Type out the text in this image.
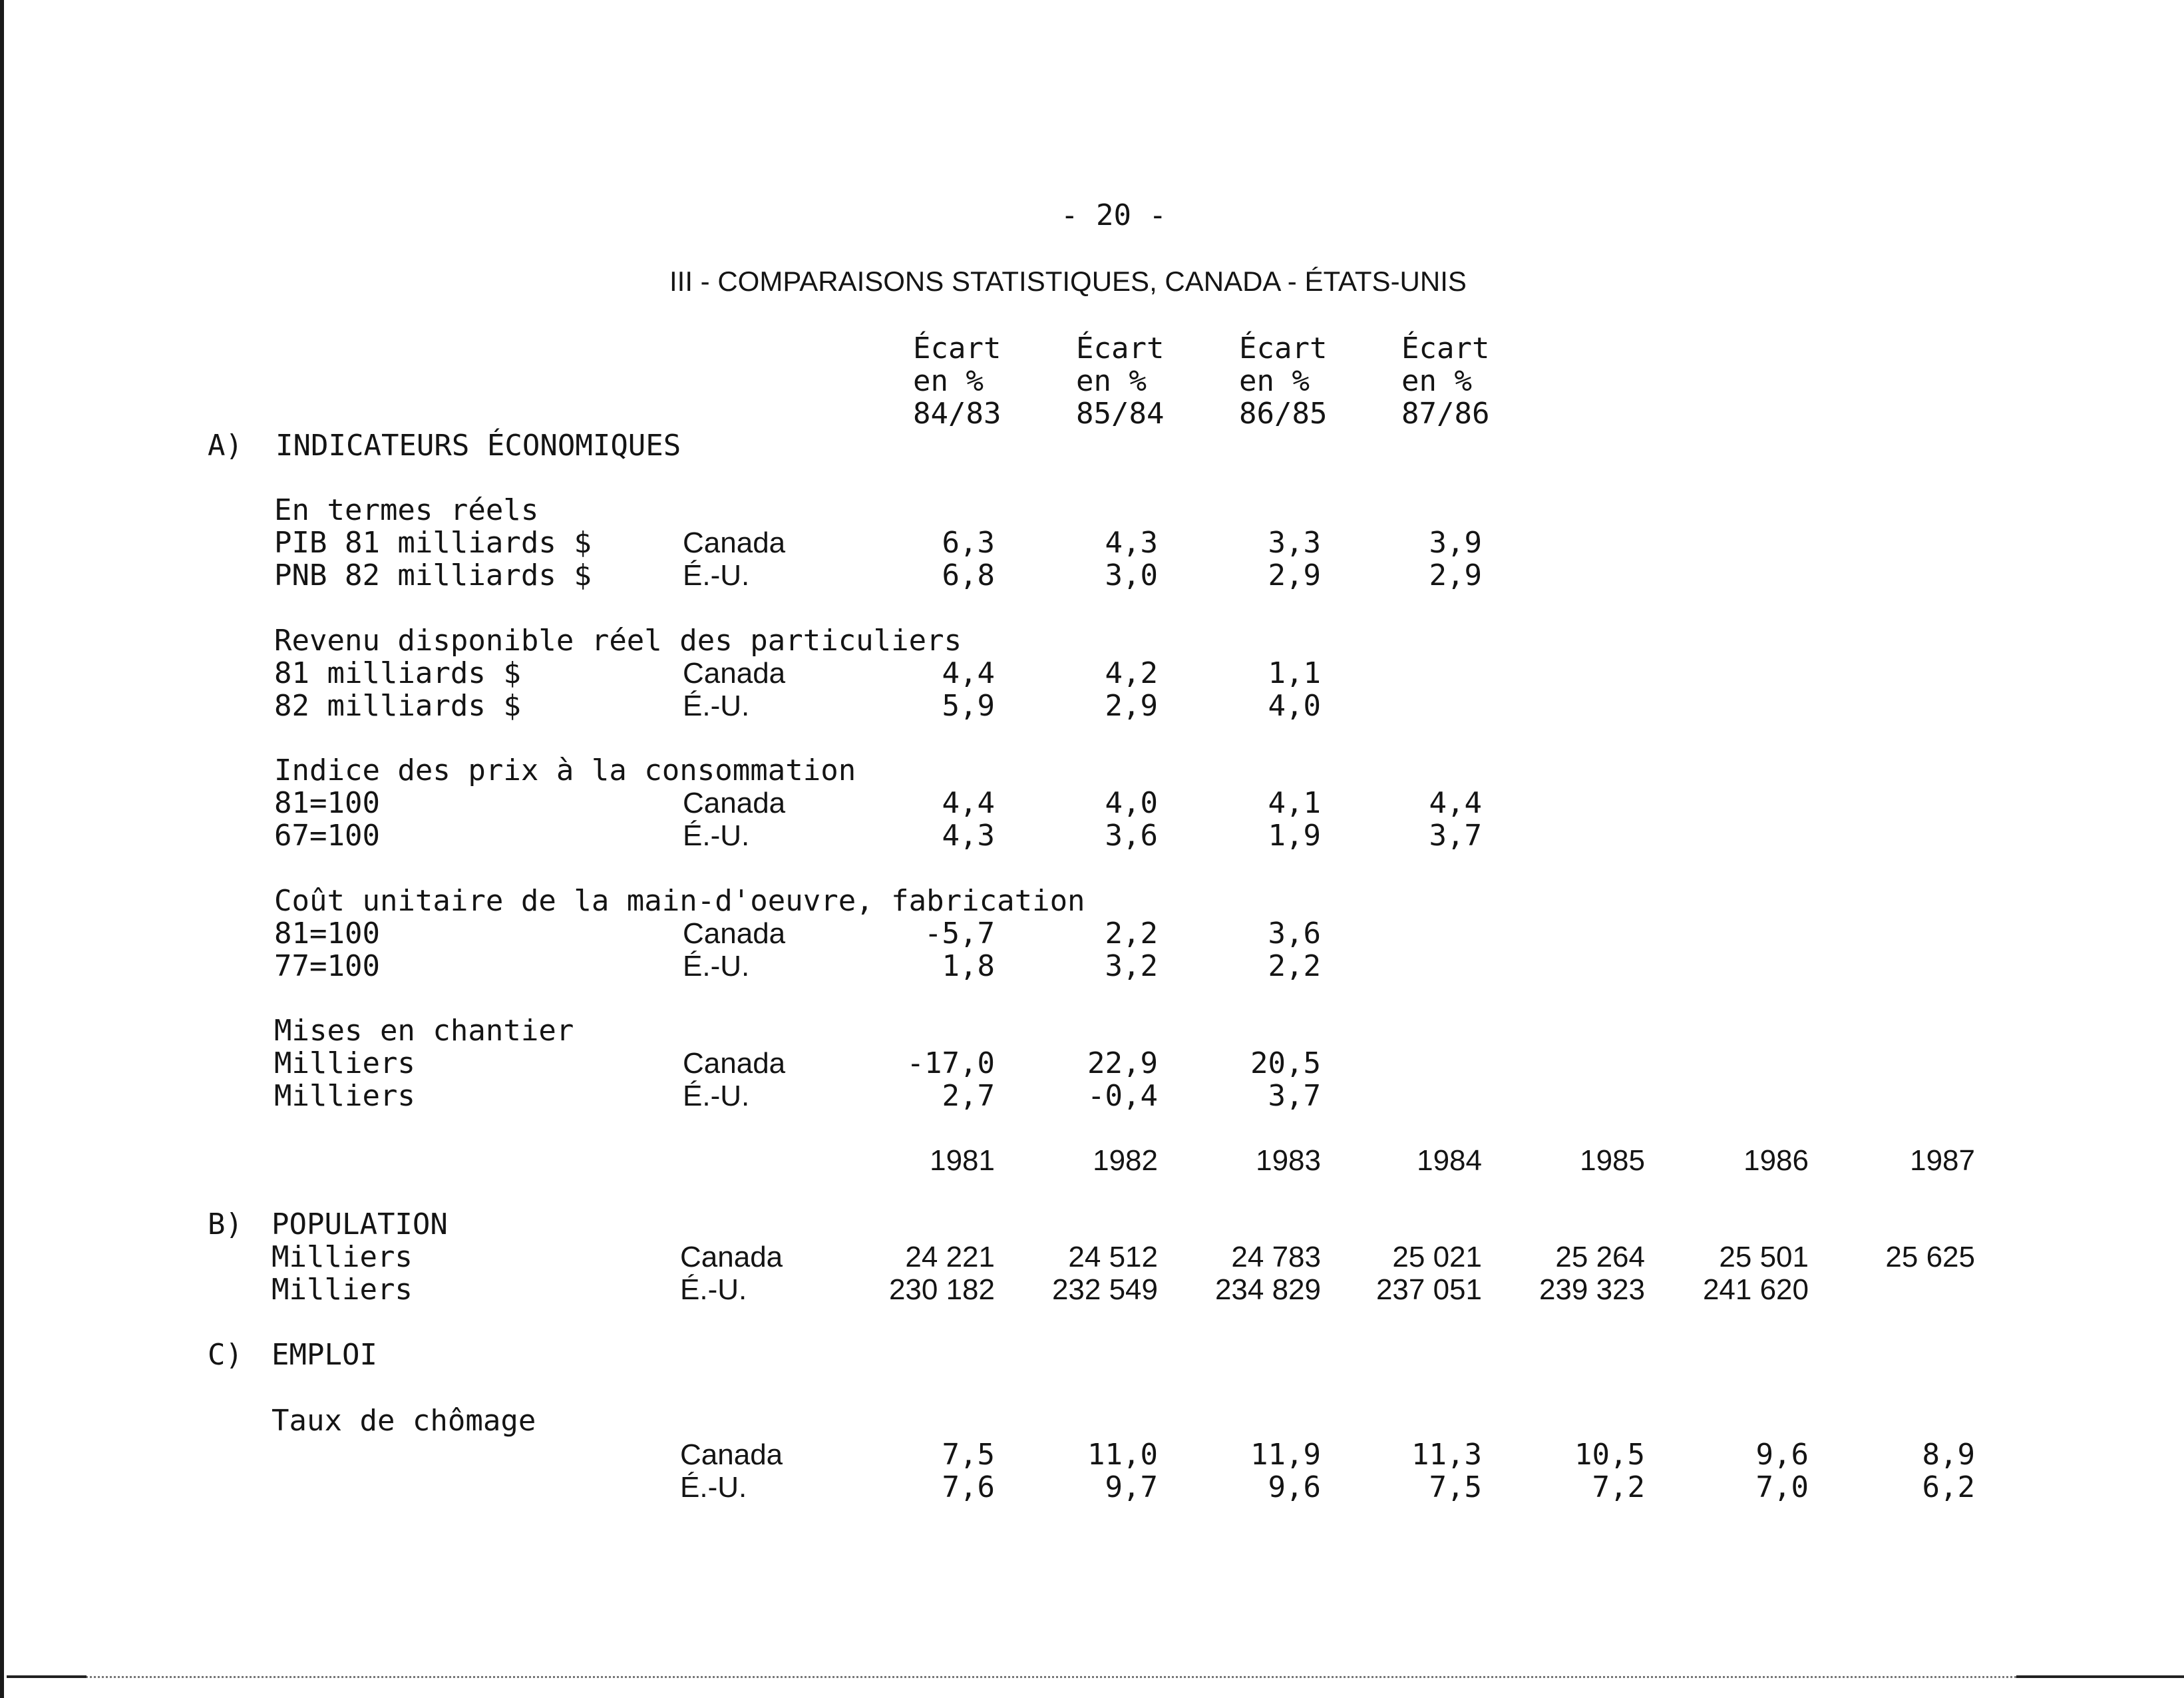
- 20 -
III - COMPARAISONS STATISTIQUES, CANADA - ÉTATS-UNIS
Écart
en %
84/83
Écart
en %
85/84
Écart
en %
86/85
Écart
en %
87/86
A) INDICATEURS ÉCONOMIQUES
En termes réels
PIB 81 milliards $	Canada	6,3	4,3	3,3	3,9
PNB 82 milliards $	É.-U.	6,8	3,0	2,9	2,9
Revenu disponible réel des particuliers
81 milliards $	Canada	4,4	4,2	1,1
82 milliards $	É.-U.	5,9	2,9	4,0
Indice des prix à la consommation
81=100	Canada	4,4	4,0	4,1	4,4
67=100	É.-U.	4,3	3,6	1,9	3,7
Coût unitaire de la main-d'oeuvre, fabrication
81=100	Canada	-5,7	2,2	3,6
77=100	É.-U.	1,8	3,2	2,2
Mises en chantier
Milliers	Canada	-17,0	22,9	20,5
Milliers	É.-U.	2,7	-0,4	3,7
1981	1982	1983	1984	1985	1986	1987
B) POPULATION
Milliers	Canada	24 221	24 512	24 783	25 021	25 264	25 501	25 625
Milliers	É.-U.	230 182	232 549	234 829	237 051	239 323	241 620
C) EMPLOI
Taux de chômage
Canada	7,5	11,0	11,9	11,3	10,5	9,6	8,9
É.-U.	7,6	9,7	9,6	7,5	7,2	7,0	6,2
